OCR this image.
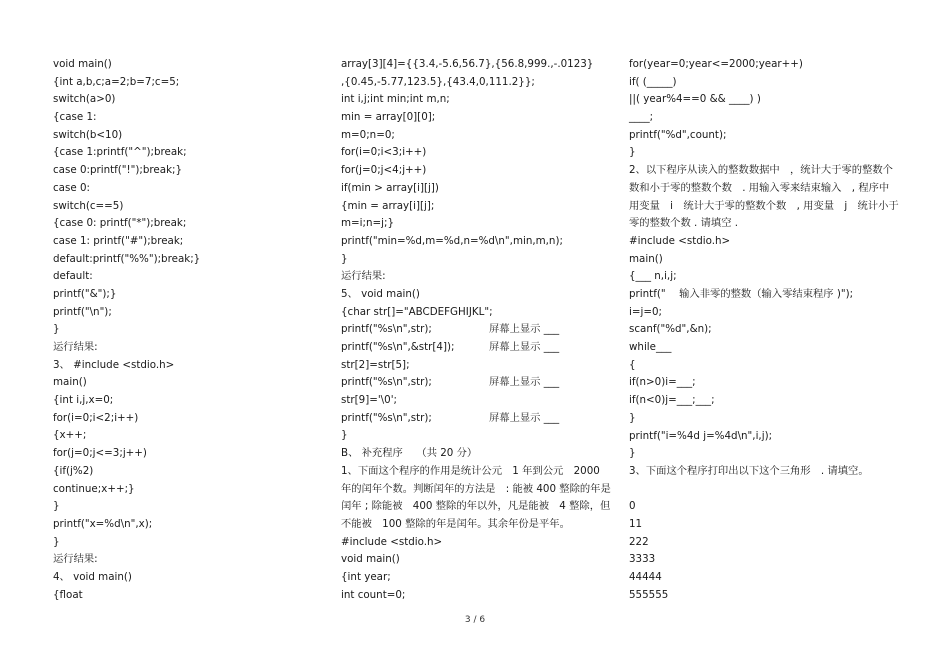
void main()
{int a,b,c;a=2;b=7;c=5;
switch(a>0)
{case 1:
switch(b<10)
{case 1:printf("^");break;
case 0:printf("!");break;}
case 0:
switch(c==5)
{case 0: printf("*");break;
case 1: printf("#");break;
default:printf("%%");break;}
default:
printf("&");}
printf("\n");
}
运行结果:
3、 #include <stdio.h>
main()
{int i,j,x=0;
for(i=0;i<2;i++)
{x++;
for(j=0;j<=3;j++)
{if(j%2)
continue;x++;}
}
printf("x=%d\n",x);
}
运行结果:
4、 void main()
{float
array[3][4]={{3.4,-5.6,56.7},{56.8,999.,-.0123}
,{0.45,-5.77,123.5},{43.4,0,111.2}};
int i,j;int min;int m,n;
min = array[0][0];
m=0;n=0;
for(i=0;i<3;i++)
for(j=0;j<4;j++)
if(min > array[i][j])
{min = array[i][j];
m=i;n=j;}
printf("min=%d,m=%d,n=%d\n",min,m,n);
}
运行结果:
5、 void main()
{char str[]="ABCDEFGHIJKL";
printf("%s\n",str);	屏幕上显示 ___
printf("%s\n",&str[4]);	屏幕上显示 ___
str[2]=str[5];
printf("%s\n",str);	屏幕上显示 ___
str[9]='\0';
printf("%s\n",str);	屏幕上显示 ___
}
B、 补充程序　 （共 20 分）
1、下面这个程序的作用是统计公元　1 年到公元　2000 年的闰年个数。判断闰年的方法是　: 能被 400 整除的年是闰年 ; 除能被　400 整除的年以外，凡是能被　4 整除，但不能被　100 整除的年是闰年。其余年份是平年。
#include <stdio.h>
void main()
{int year;
int count=0;
for(year=0;year<=2000;year++)
if( (_____)
||( year%4==0 && ____) )
____;
printf("%d",count);
}
2、以下程序从读入的整数数据中　，统计大于零的整数个数和小于零的整数个数　. 用输入零来结束输入　, 程序中用变量　i　统计大于零的整数个数　, 用变量　j　统计小于零的整数个数 . 请填空 .
#include <stdio.h>
main()
{___ n,i,j;
printf("　 输入非零的整数（输入零结束程序 )");
i=j=0;
scanf("%d",&n);
while___
{
if(n>0)i=___;
if(n<0)j=___;___;
}
printf("i=%4d j=%4d\n",i,j);
}
3、下面这个程序打印出以下这个三角形　. 请填空。
0
11
222
3333
44444
555555
3 / 6
